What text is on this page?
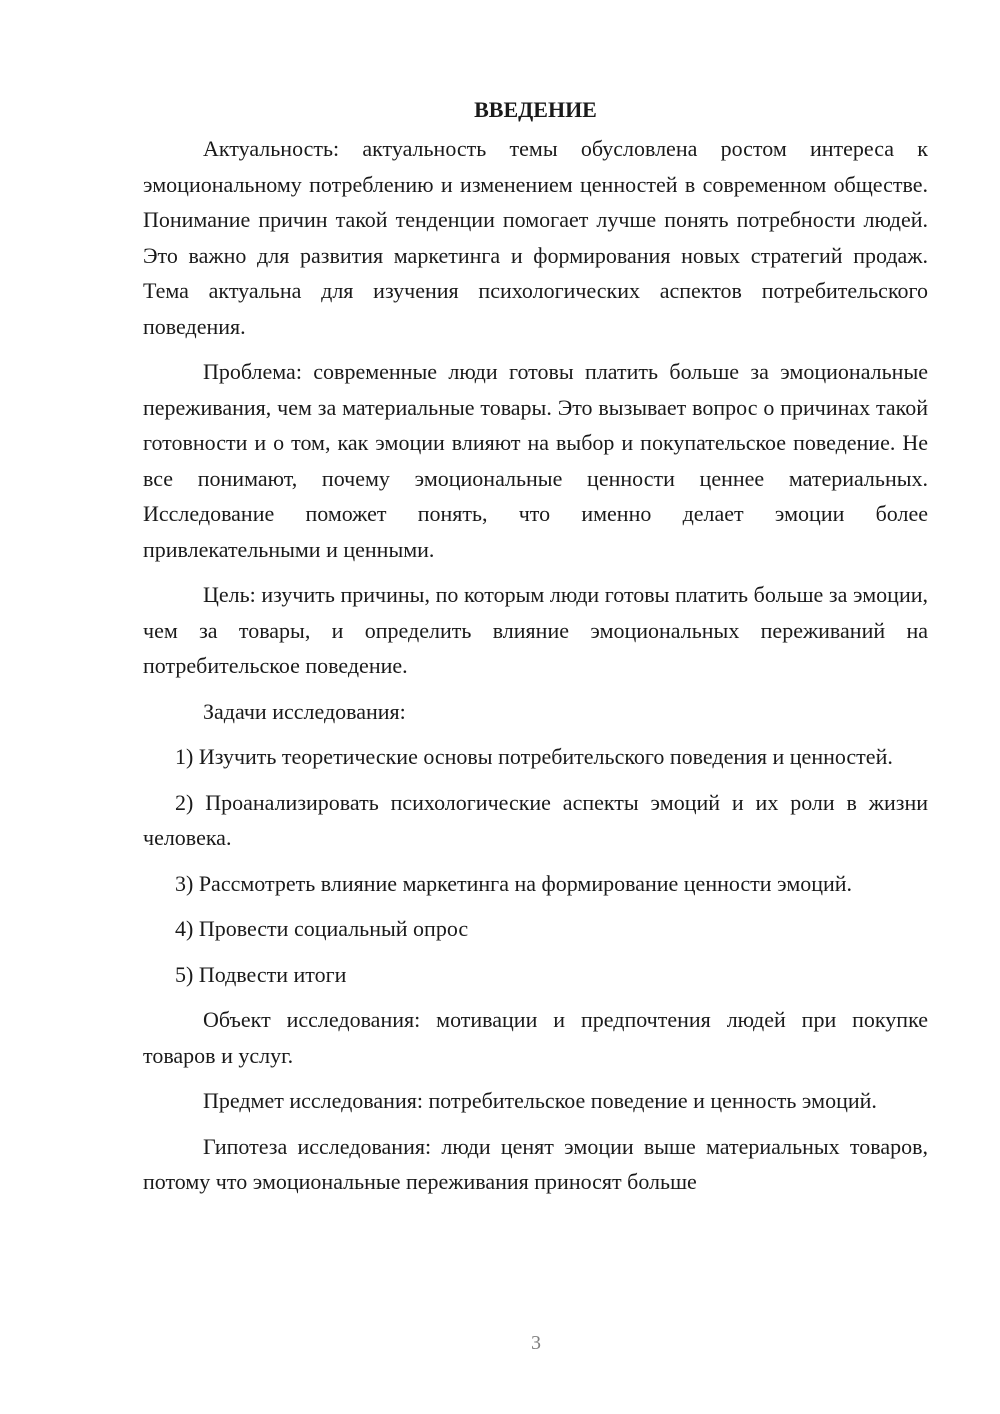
ВВЕДЕНИЕ

Актуальность: актуальность темы обусловлена ростом интереса к эмоциональному потреблению и изменением ценностей в современном обществе. Понимание причин такой тенденции помогает лучше понять потребности людей. Это важно для развития маркетинга и формирования новых стратегий продаж. Тема актуальна для изучения психологических аспектов потребительского поведения.

Проблема: современные люди готовы платить больше за эмоциональные переживания, чем за материальные товары. Это вызывает вопрос о причинах такой готовности и о том, как эмоции влияют на выбор и покупательское поведение. Не все понимают, почему эмоциональные ценности ценнее материальных. Исследование поможет понять, что именно делает эмоции более привлекательными и ценными.

Цель: изучить причины, по которым люди готовы платить больше за эмоции, чем за товары, и определить влияние эмоциональных переживаний на потребительское поведение.

Задачи исследования:

1) Изучить теоретические основы потребительского поведения и ценностей.

2) Проанализировать психологические аспекты эмоций и их роли в жизни человека.

3) Рассмотреть влияние маркетинга на формирование ценности эмоций.

4) Провести социальный опрос

5) Подвести итоги

Объект исследования: мотивации и предпочтения людей при покупке товаров и услуг.

Предмет исследования: потребительское поведение и ценность эмоций.

Гипотеза исследования: люди ценят эмоции выше материальных товаров, потому что эмоциональные переживания приносят больше

3
